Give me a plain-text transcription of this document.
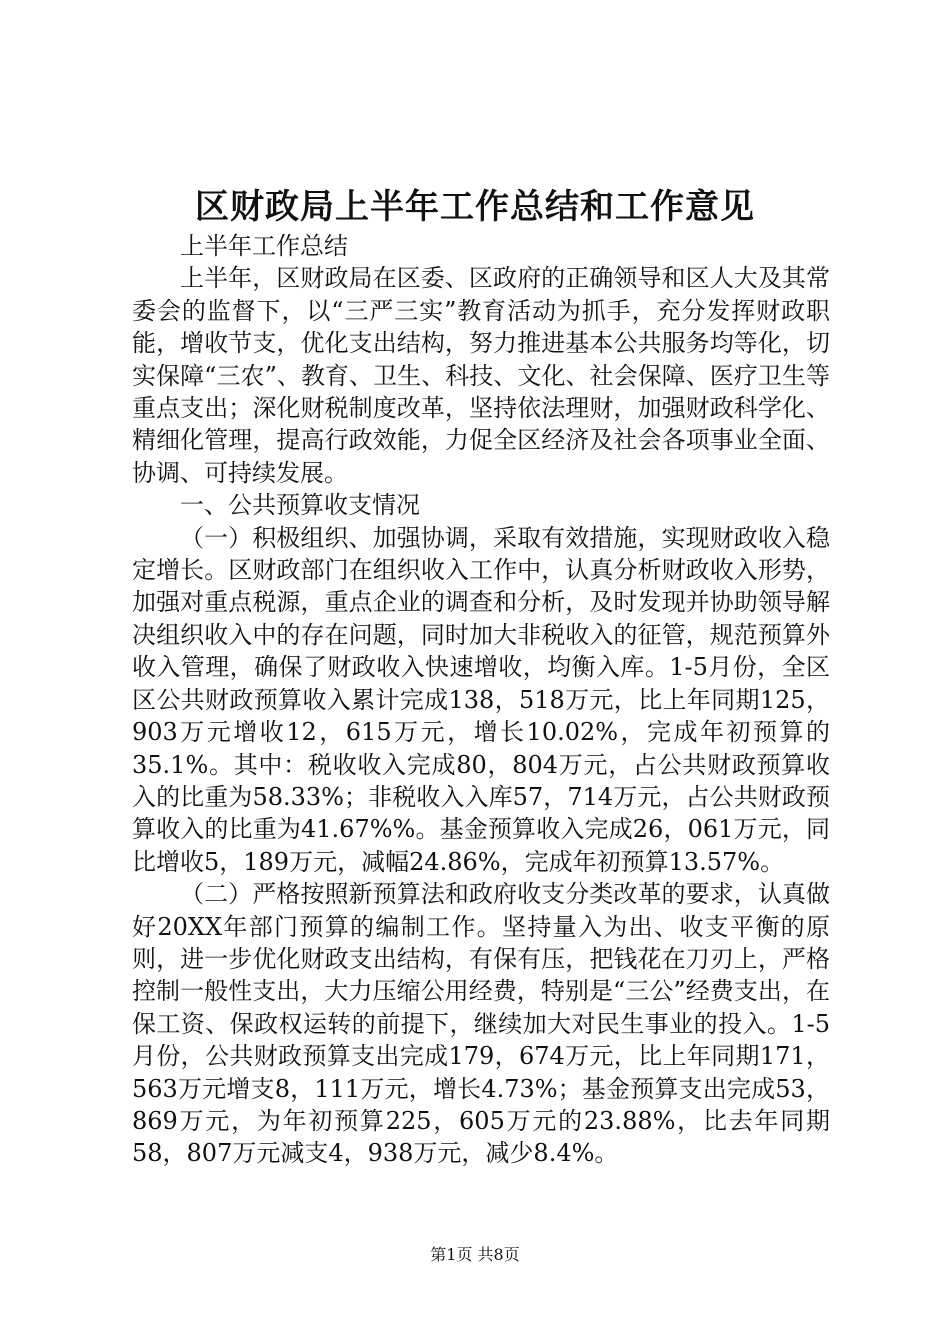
区财政局上半年工作总结和工作意见

上半年工作总结

上半年，区财政局在区委、区政府的正确领导和区人大及其常委会的监督下，以“三严三实”教育活动为抓手，充分发挥财政职能，增收节支，优化支出结构，努力推进基本公共服务均等化，切实保障“三农”、教育、卫生、科技、文化、社会保障、医疗卫生等重点支出；深化财税制度改革，坚持依法理财，加强财政科学化、精细化管理，提高行政效能，力促全区经济及社会各项事业全面、协调、可持续发展。

一、公共预算收支情况

（一）积极组织、加强协调，采取有效措施，实现财政收入稳定增长。区财政部门在组织收入工作中，认真分析财政收入形势，加强对重点税源，重点企业的调查和分析，及时发现并协助领导解决组织收入中的存在问题，同时加大非税收入的征管，规范预算外收入管理，确保了财政收入快速增收，均衡入库。1-5月份，全区区公共财政预算收入累计完成138，518万元，比上年同期125，903万元增收12，615万元，增长10.02%，完成年初预算的35.1%。其中：税收收入完成80，804万元，占公共财政预算收入的比重为58.33%；非税收入入库57，714万元，占公共财政预算收入的比重为41.67%%。基金预算收入完成26，061万元，同比增收5，189万元，减幅24.86%，完成年初预算13.57%。

（二）严格按照新预算法和政府收支分类改革的要求，认真做好20XX年部门预算的编制工作。坚持量入为出、收支平衡的原则，进一步优化财政支出结构，有保有压，把钱花在刀刃上，严格控制一般性支出，大力压缩公用经费，特别是“三公”经费支出，在保工资、保政权运转的前提下，继续加大对民生事业的投入。1-5月份，公共财政预算支出完成179，674万元，比上年同期171，563万元增支8，111万元，增长4.73%；基金预算支出完成53，869万元，为年初预算225，605万元的23.88%，比去年同期58，807万元减支4，938万元，减少8.4%。

第1页 共8页
